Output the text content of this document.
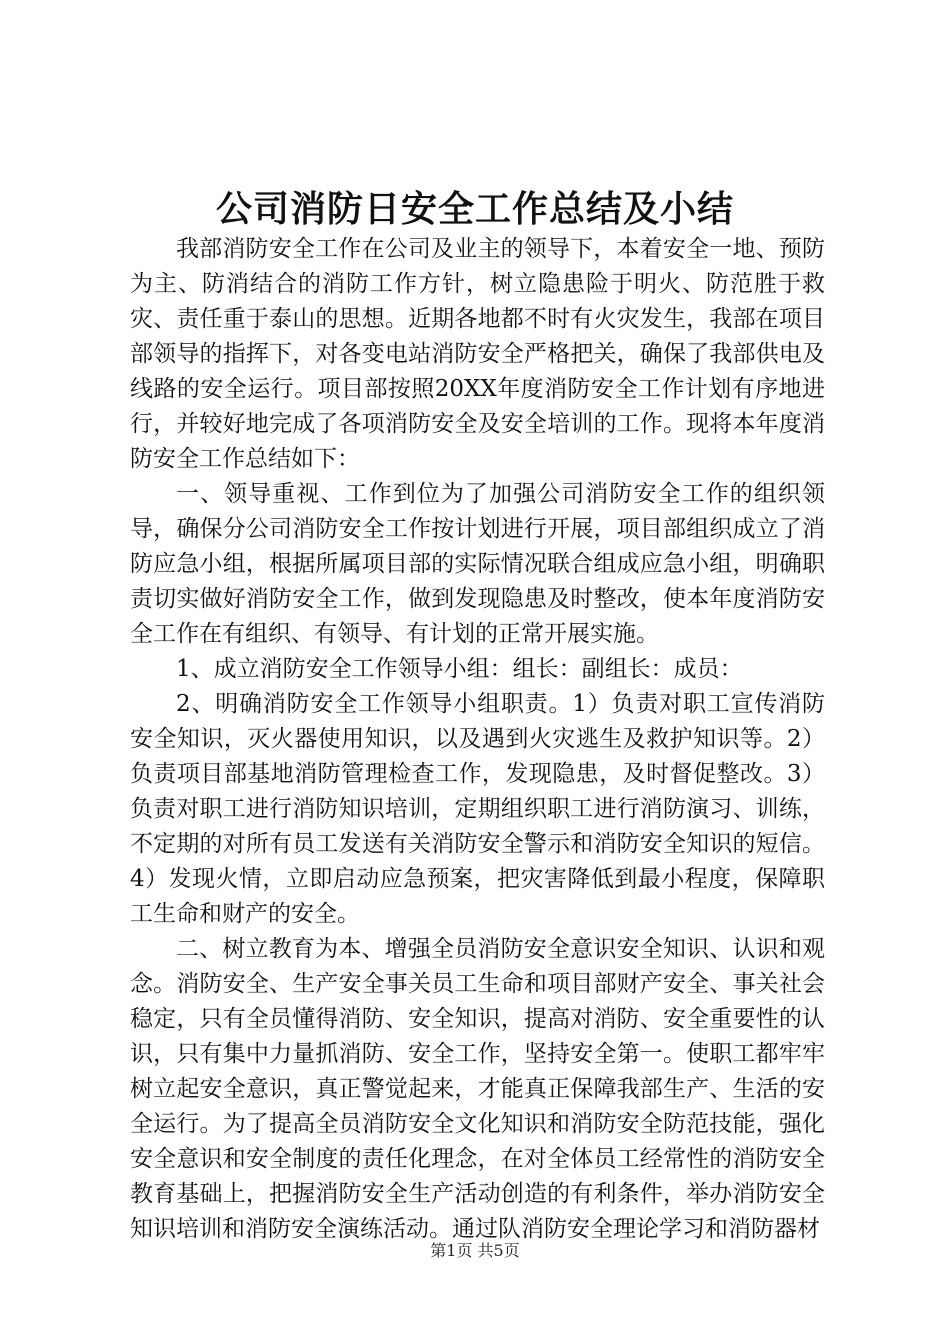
公司消防日安全工作总结及小结

我部消防安全工作在公司及业主的领导下，本着安全一地、预防为主、防消结合的消防工作方针，树立隐患险于明火、防范胜于救灾、责任重于泰山的思想。近期各地都不时有火灾发生，我部在项目部领导的指挥下，对各变电站消防安全严格把关，确保了我部供电及线路的安全运行。项目部按照20XX年度消防安全工作计划有序地进行，并较好地完成了各项消防安全及安全培训的工作。现将本年度消防安全工作总结如下：

一、领导重视、工作到位为了加强公司消防安全工作的组织领导，确保分公司消防安全工作按计划进行开展，项目部组织成立了消防应急小组，根据所属项目部的实际情况联合组成应急小组，明确职责切实做好消防安全工作，做到发现隐患及时整改，使本年度消防安全工作在有组织、有领导、有计划的正常开展实施。

1、成立消防安全工作领导小组：组长：副组长：成员：

2、明确消防安全工作领导小组职责。1）负责对职工宣传消防安全知识，灭火器使用知识，以及遇到火灾逃生及救护知识等。2）负责项目部基地消防管理检查工作，发现隐患，及时督促整改。3）负责对职工进行消防知识培训，定期组织职工进行消防演习、训练，不定期的对所有员工发送有关消防安全警示和消防安全知识的短信。4）发现火情，立即启动应急预案，把灾害降低到最小程度，保障职工生命和财产的安全。

二、树立教育为本、增强全员消防安全意识安全知识、认识和观念。消防安全、生产安全事关员工生命和项目部财产安全、事关社会稳定，只有全员懂得消防、安全知识，提高对消防、安全重要性的认识，只有集中力量抓消防、安全工作，坚持安全第一。使职工都牢牢树立起安全意识，真正警觉起来，才能真正保障我部生产、生活的安全运行。为了提高全员消防安全文化知识和消防安全防范技能，强化安全意识和安全制度的责任化理念，在对全体员工经常性的消防安全教育基础上，把握消防安全生产活动创造的有利条件，举办消防安全知识培训和消防安全演练活动。通过队消防安全理论学习和消防器材

第1页 共5页
